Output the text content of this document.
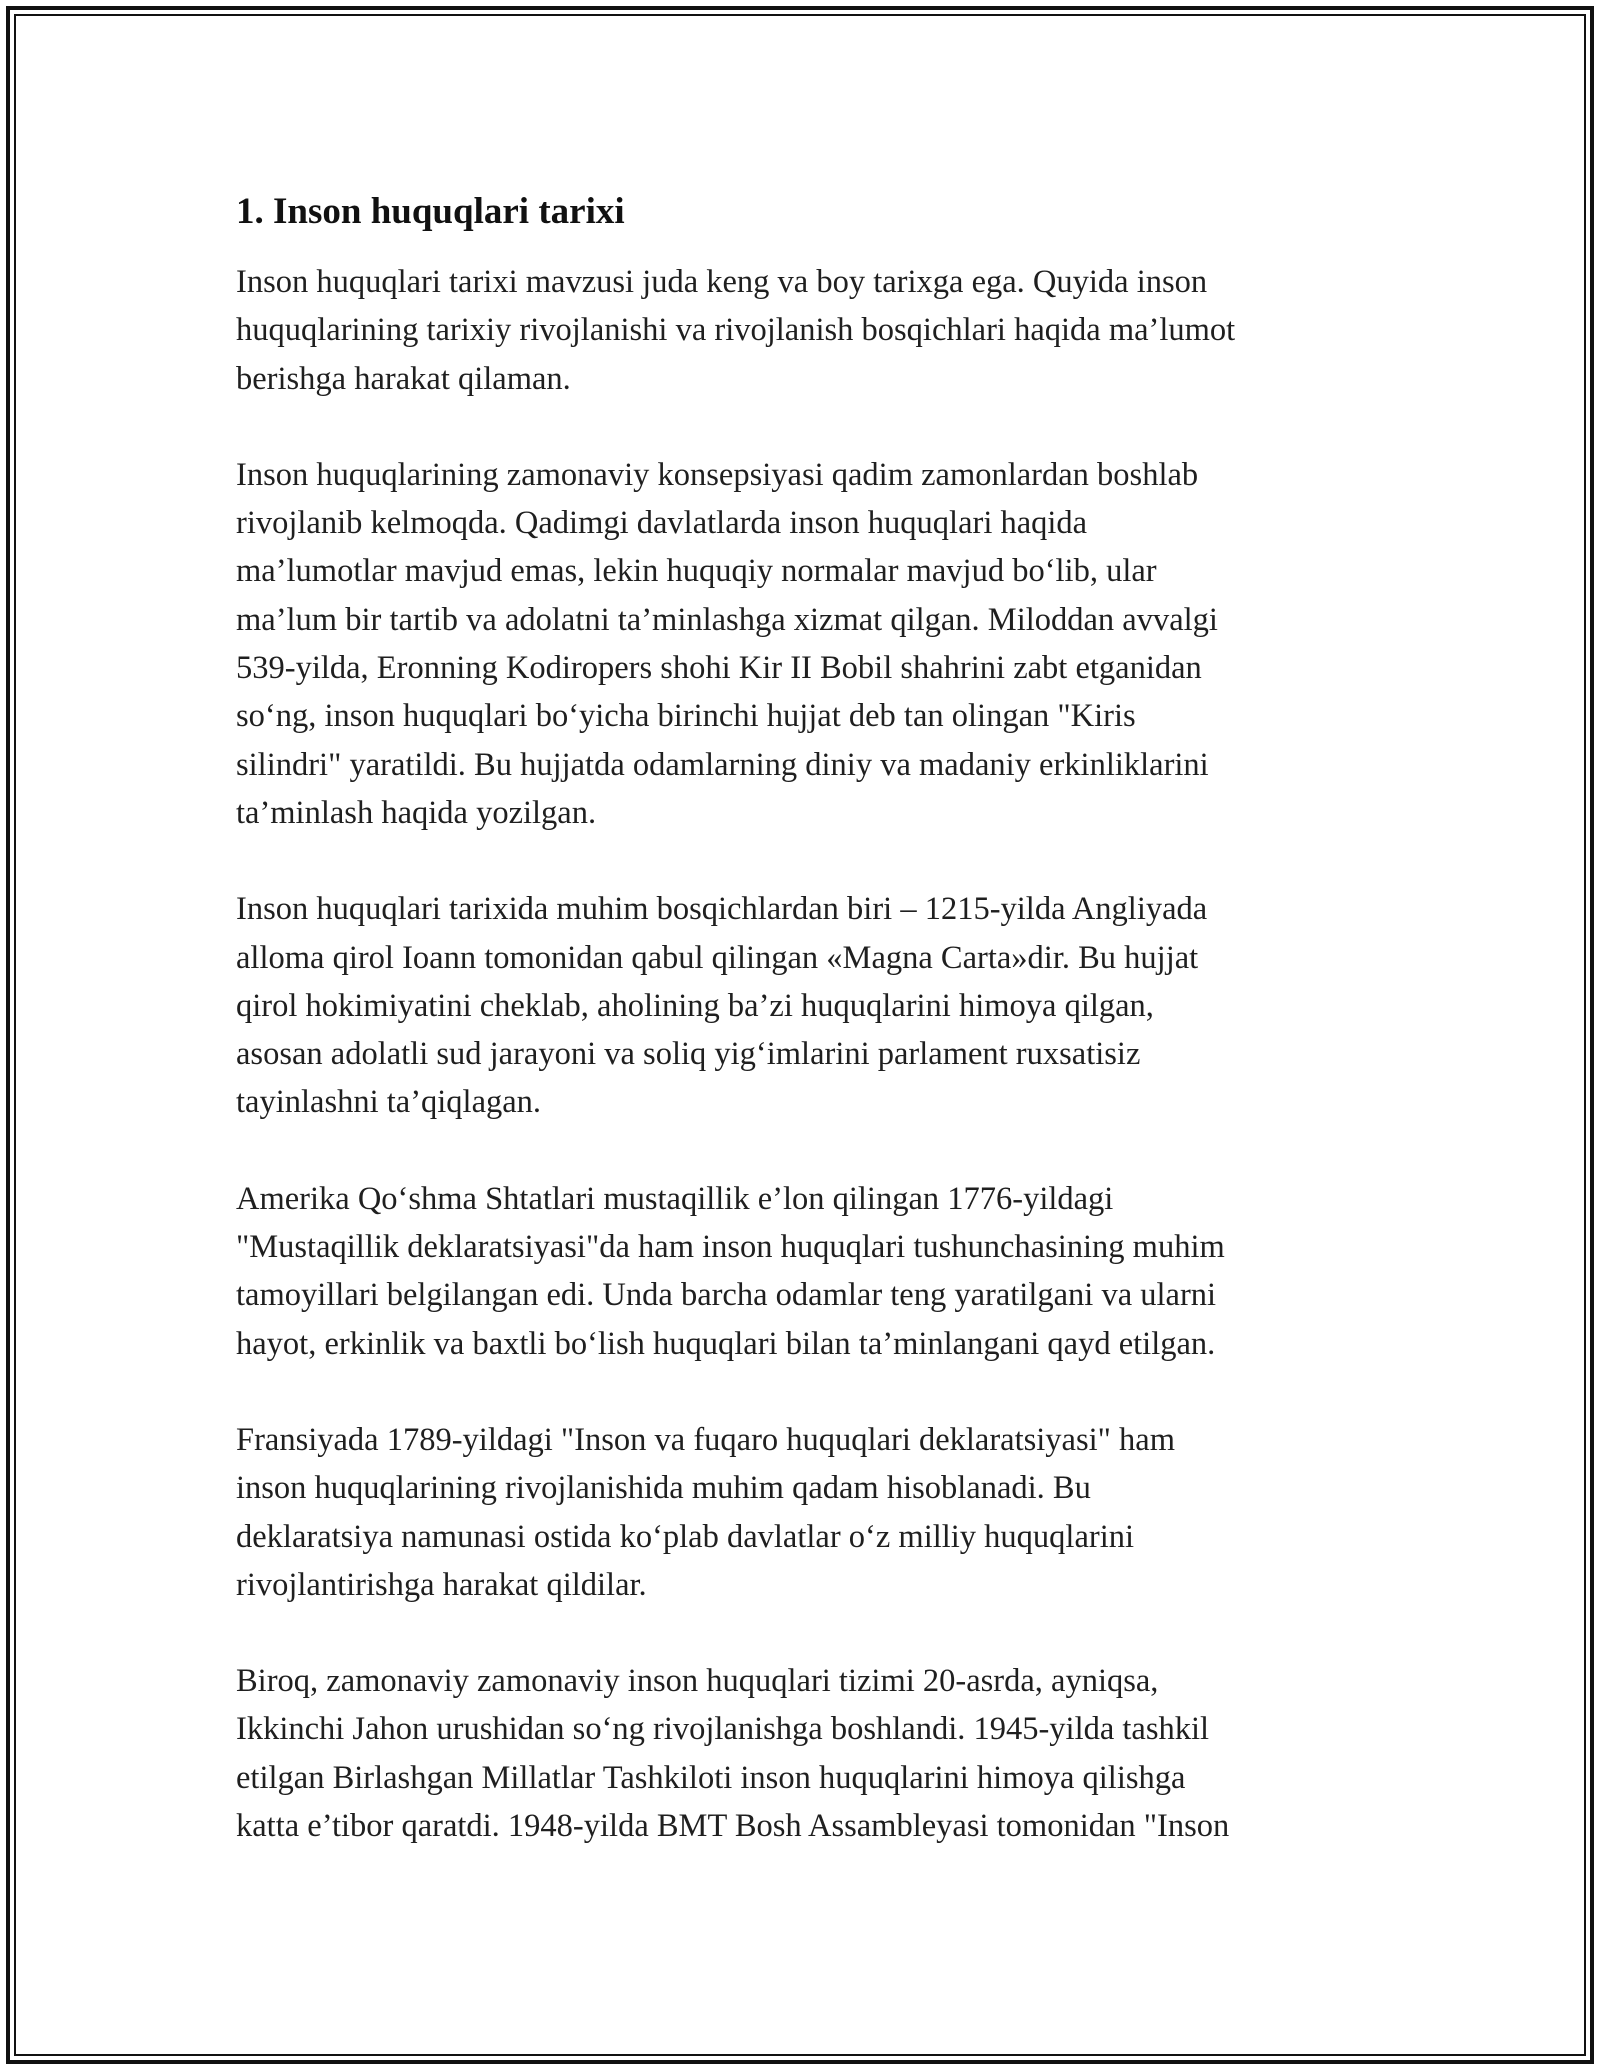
1. Inson huquqlari tarixi
Inson huquqlari tarixi mavzusi juda keng va boy tarixga ega. Quyida inson
huquqlarining tarixiy rivojlanishi va rivojlanish bosqichlari haqida ma’lumot
berishga harakat qilaman.
Inson huquqlarining zamonaviy konsepsiyasi qadim zamonlardan boshlab
rivojlanib kelmoqda. Qadimgi davlatlarda inson huquqlari haqida
ma’lumotlar mavjud emas, lekin huquqiy normalar mavjud bo‘lib, ular
ma’lum bir tartib va adolatni ta’minlashga xizmat qilgan. Miloddan avvalgi
539-yilda, Eronning Kodiropers shohi Kir II Bobil shahrini zabt etganidan
so‘ng, inson huquqlari bo‘yicha birinchi hujjat deb tan olingan "Kiris
silindri" yaratildi. Bu hujjatda odamlarning diniy va madaniy erkinliklarini
ta’minlash haqida yozilgan.
Inson huquqlari tarixida muhim bosqichlardan biri – 1215-yilda Angliyada
alloma qirol Ioann tomonidan qabul qilingan «Magna Carta»dir. Bu hujjat
qirol hokimiyatini cheklab, aholining ba’zi huquqlarini himoya qilgan,
asosan adolatli sud jarayoni va soliq yig‘imlarini parlament ruxsatisiz
tayinlashni ta’qiqlagan.
Amerika Qo‘shma Shtatlari mustaqillik e’lon qilingan 1776-yildagi
"Mustaqillik deklaratsiyasi"da ham inson huquqlari tushunchasining muhim
tamoyillari belgilangan edi. Unda barcha odamlar teng yaratilgani va ularni
hayot, erkinlik va baxtli bo‘lish huquqlari bilan ta’minlangani qayd etilgan.
Fransiyada 1789-yildagi "Inson va fuqaro huquqlari deklaratsiyasi" ham
inson huquqlarining rivojlanishida muhim qadam hisoblanadi. Bu
deklaratsiya namunasi ostida ko‘plab davlatlar o‘z milliy huquqlarini
rivojlantirishga harakat qildilar.
Biroq, zamonaviy zamonaviy inson huquqlari tizimi 20-asrda, ayniqsa,
Ikkinchi Jahon urushidan so‘ng rivojlanishga boshlandi. 1945-yilda tashkil
etilgan Birlashgan Millatlar Tashkiloti inson huquqlarini himoya qilishga
katta e’tibor qaratdi. 1948-yilda BMT Bosh Assambleyasi tomonidan "Inson
